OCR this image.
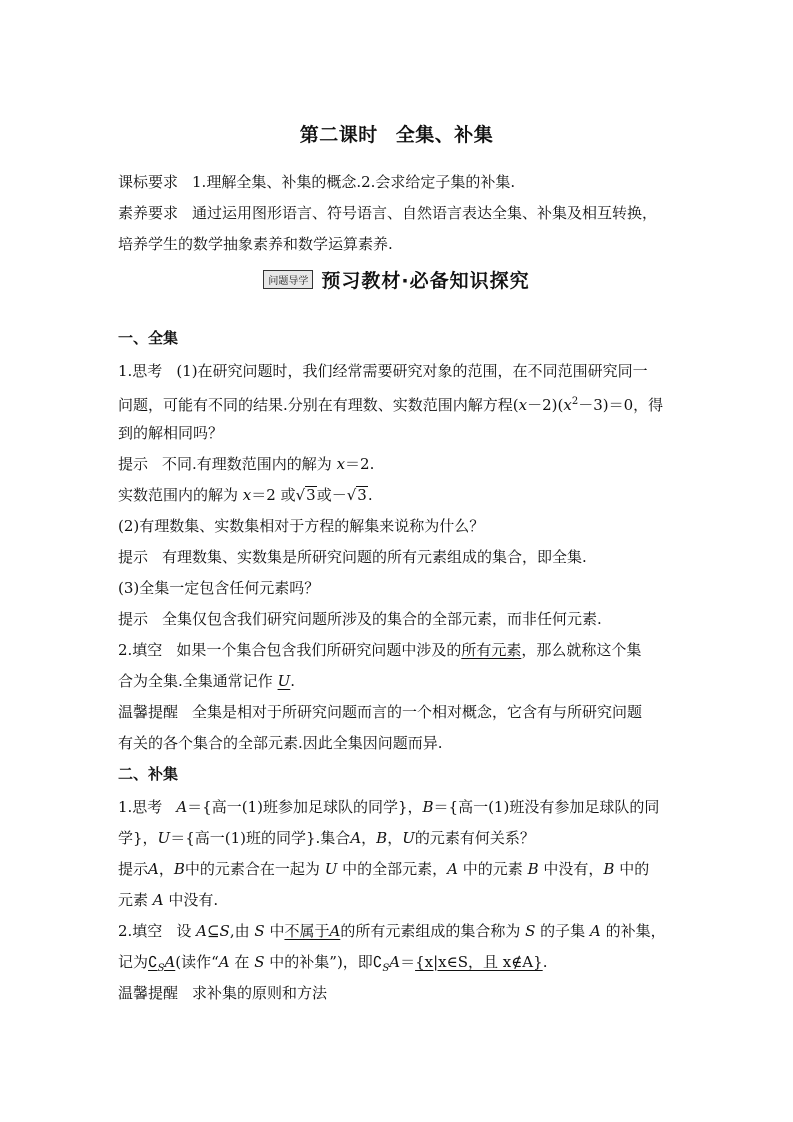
第二课时 全集、补集
课标要求 1.理解全集、补集的概念.2.会求给定子集的补集.
素养要求 通过运用图形语言、符号语言、自然语言表达全集、补集及相互转换，
培养学生的数学抽象素养和数学运算素养.
问题导学 预习教材·必备知识探究
一、全集
1.思考 (1)在研究问题时，我们经常需要研究对象的范围，在不同范围研究同一
问题，可能有不同的结果.分别在有理数、实数范围内解方程$(x-2)(x^2-3)=0$，得
到的解相同吗？
提示 不同.有理数范围内的解为 x＝2.
实数范围内的解为 x＝2 或√3或－√3.
(2)有理数集、实数集相对于方程的解集来说称为什么？
提示 有理数集、实数集是所研究问题的所有元素组成的集合，即全集.
(3)全集一定包含任何元素吗？
提示 全集仅包含我们研究问题所涉及的集合的全部元素，而非任何元素.
2.填空 如果一个集合包含我们所研究问题中涉及的所有元素，那么就称这个集
合为全集.全集通常记作 U.
温馨提醒 全集是相对于所研究问题而言的一个相对概念，它含有与所研究问题
有关的各个集合的全部元素.因此全集因问题而异.
二、补集
1.思考 A＝{高一(1)班参加足球队的同学}，B＝{高一(1)班没有参加足球队的同
学}，U＝{高一(1)班的同学}.集合A，B，U的元素有何关系？
提示A，B中的元素合在一起为 U 中的全部元素，A 中的元素 B 中没有，B 中的
元素 A 中没有.
2.填空 设 A⊆S,由 S 中不属于A的所有元素组成的集合称为 S 的子集 A 的补集，
记为$∁_SA$(读作“A 在 S 中的补集”)，即$∁_SA=\{x|x\in S$，且 x∉A}.
温馨提醒 求补集的原则和方法
